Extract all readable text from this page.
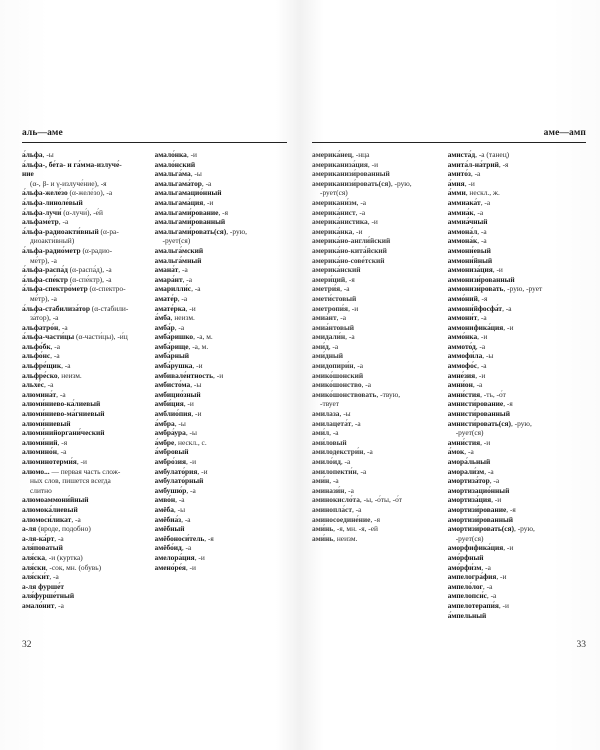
аль—аме
а́льфа, -ы
а́льфа-, бе́та- и га́мма-излуче́-
ние
(α-, β- и γ-излуче́ние), -я
а́льфа-желе́зо (α-желе́зо), -а
а́льфа-линоле́вый
а́льфа-лучи́ (α-лучи́), -е́й
альфаме́тр, -а
а́льфа-радиоакти́вный (α-ра-
диоакти́вный)
а́льфа-радио́метр (α-радио-
ме́тр), -а
а́льфа-распа́д (α-распа́д), -а
а́льфа-спе́ктр (α-спе́ктр), -а
а́льфа-спектро́метр (α-спектро-
ме́тр), -а
а́льфа-стабилиза́тор (α-стабили-
за́тор), -а
альфатро́н, -а
а́льфа-части́цы (α-части́цы), -и́ц
альфо́бк, -а
альфо́нс, -а
альфре́щик, -а
альфре́ско, неизм.
альхе́с, -а
алюмина́т, -а
алюми́ниево-ка́лиевый
алюми́ниево-ма́гниевый
алюми́ниевый
алюми́нийоргани́ческий
алюми́ний, -я
алюмино́н, -а
алюминотерми́я, -и
алюмо... — первая часть слож-
ных слов, пишется всегда
слитно
алюмоаммони́йный
алюмока́лиевый
алюмоси́ликат, -а
а-ля (вроде, подобно)
а-ля-ка́рт, -а
аля́поватый
аля́ска, -и (куртка)
аля́ски, -сок, мн. (обувь)
аля́ски́т, -а
а-ля фурше́т
аля́фурше́тный
амало́нит, -а
амало́нка, -и
амало́нский
амальга́ма, -ы
амальгама́тор, -а
амальгамацио́нный
амальгама́ция, -и
амальгами́рование, -я
амальгами́рованный
амальгами́ровать(ся), -рую,
-рует(ся)
амальга́мский
амальга́мный
амана́т, -а
амара́нт, -а
амарилли́с, -а
амате́р, -а
амате́рка, -и
а́мба, неизм.
амба́р, -а
амба́ришко, -а, м.
амба́рище, -а, м.
амба́рный
амба́рушка, -и
амбивале́нтность, -и
амбисто́ма, -ы
амбицио́зный
амби́ция, -и
амблио́пия, -и
а́мбра, -ы
амбра́ура, -ы
а́мбре, нескл., с.
а́мбровый
амбро́зия, -и
амбулато́рия, -и
амбулато́рный
амбушю́р, -а
амво́н, -а
амёба, -ы
амёбиа́з, -а
амёбный
амёбоноси́тель, -я
амёбо́ид, -а
амелора́ция, -и
амено́ре́я, -и
32
аме—амп
америка́нец, -нца
американиза́ция, -и
американизи́рованный
американизи́ровать(ся), -рую,
-рует(ся)
американи́зм, -а
америка́нист, -а
америка́нистика, -и
америка́нка, -и
америка́но-англи́йский
америка́но-кита́йский
америка́но-сове́тский
америка́нский
амери́ций, -я
аметри́я, -а
амети́стовый
аметропи́я, -и
амиа́нт, -а
амиа́нтовый
амидали́н, -а
ами́д, -а
ами́дный
амидопири́н, -а
амико́шонский
амико́шонство, -а
амико́шонствовать, -твую,
-твует
амилаза, -ы
амилацета́т, -а
ами́л, -а
ами́ловый
амилодекстри́н, -а
амило́ид, -а
амилопекти́н, -а
ами́н, -а
аминази́н, -а
аминокисло́та, -ы, -о́ты, -о́т
аминопла́ст, -а
аминосоедине́ние, -я
ами́нь, -я, мн. -я, -ей
ами́нь, неизм.
амиста́д, -а (танец)
амита́л-на́трий, -я
амито́з, -а
а́мия, -и
а́мми, нескл., ж.
аммиака́т, -а
аммиа́к, -а
аммиа́чный
аммона́л, -а
аммона́к, -а
аммони́евый
аммони́йный
аммониза́ция, -и
аммонизи́рованный
аммонизи́ровать, -рую, -рует
аммо́ний, -я
аммони́йфосфа́т, -а
аммони́т, -а
аммонифика́ция, -и
аммо́нка, -и
аммото́д, -а
аммофи́ла, -ы
аммофо́с, -а
амне́зия, -и
амни́он, -а
амни́стия, -ть, -о́т
амнисти́рование, -я
амнисти́рованный
амнисти́ровать(ся), -рую,
-рует(ся)
амни́стия, -и
а́мок, -а
амора́льный
аморали́зм, -а
амортиза́тор, -а
амортизацио́нный
амортиза́ция, -и
амортизи́рование, -я
амортизи́рованный
амортизи́ровать(ся), -рую,
-рует(ся)
аморфифика́ция, -и
амо́рфный
амо́рфи́зм, -а
ампелогра́фия, -и
ампело́лог, -а
ампелопси́с, -а
ампелотерапи́я, -и
а́мпельный
33
